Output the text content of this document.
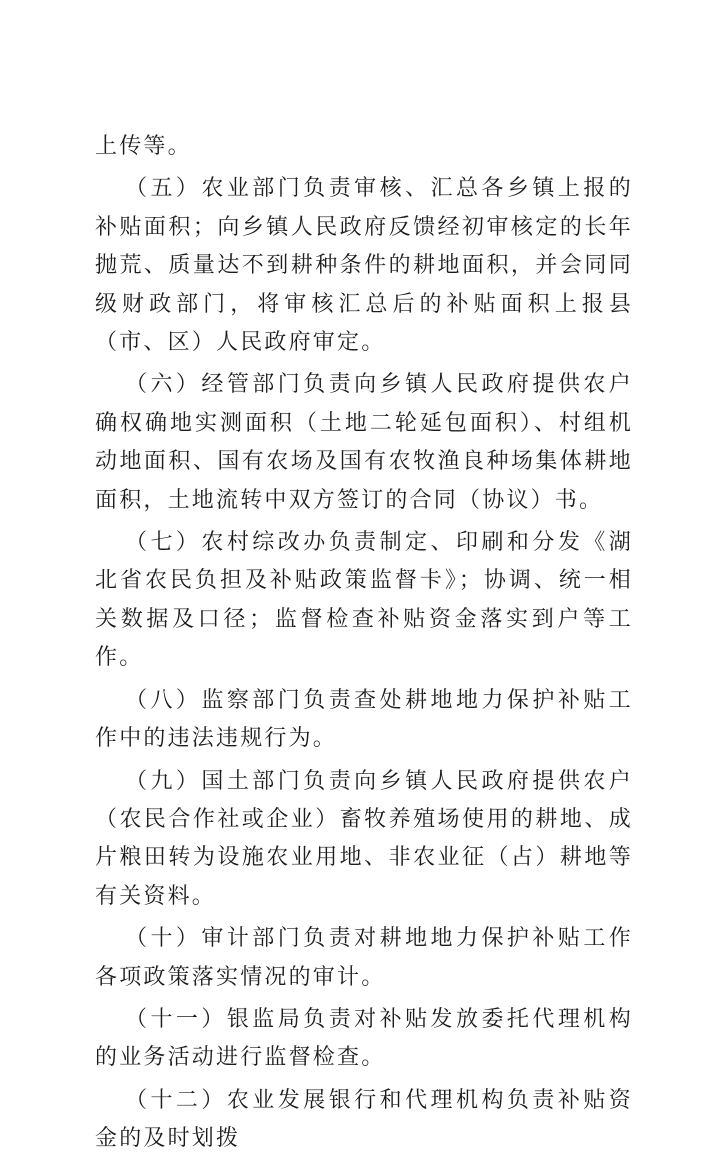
上传等。

（五）农业部门负责审核、汇总各乡镇上报的补贴面积；向乡镇人民政府反馈经初审核定的长年抛荒、质量达不到耕种条件的耕地面积，并会同同级财政部门，将审核汇总后的补贴面积上报县（市、区）人民政府审定。

（六）经管部门负责向乡镇人民政府提供农户确权确地实测面积（土地二轮延包面积）、村组机动地面积、国有农场及国有农牧渔良种场集体耕地面积，土地流转中双方签订的合同（协议）书。

（七）农村综改办负责制定、印刷和分发《湖北省农民负担及补贴政策监督卡》；协调、统一相关数据及口径；监督检查补贴资金落实到户等工作。

（八）监察部门负责查处耕地地力保护补贴工作中的违法违规行为。

（九）国土部门负责向乡镇人民政府提供农户（农民合作社或企业）畜牧养殖场使用的耕地、成片粮田转为设施农业用地、非农业征（占）耕地等有关资料。

（十）审计部门负责对耕地地力保护补贴工作各项政策落实情况的审计。

（十一）银监局负责对补贴发放委托代理机构的业务活动进行监督检查。

（十二）农业发展银行和代理机构负责补贴资金的及时划拨
